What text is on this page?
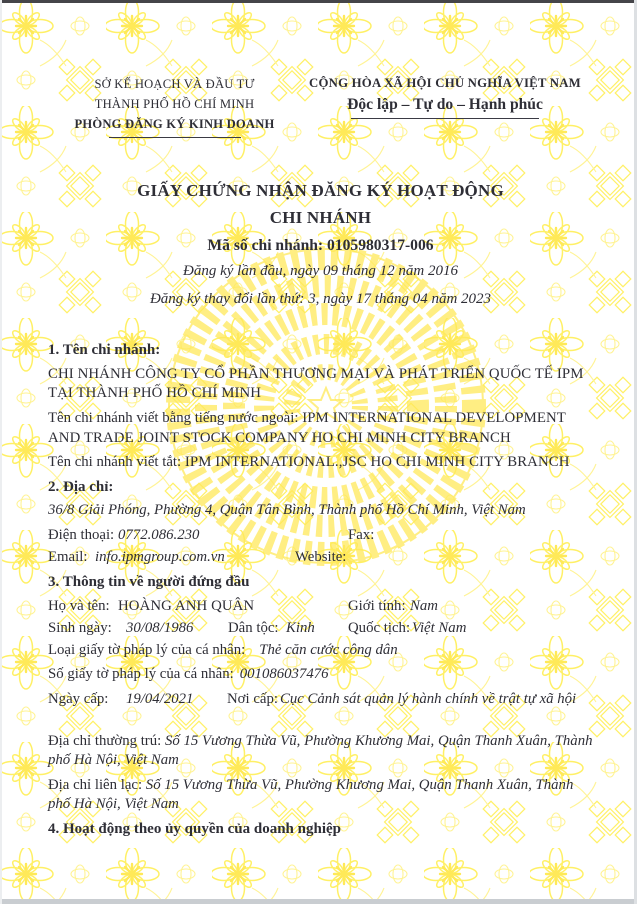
SỞ KẾ HOẠCH VÀ ĐẦU TƯ
THÀNH PHỐ HỒ CHÍ MINH
PHÒNG ĐĂNG KÝ KINH DOANH
CỘNG HÒA XÃ HỘI CHỦ NGHĨA VIỆT NAM
Độc lập – Tự do – Hạnh phúc
GIẤY CHỨNG NHẬN ĐĂNG KÝ HOẠT ĐỘNG
CHI NHÁNH
Mã số chi nhánh: 0105980317-006
Đăng ký lần đầu, ngày 09 tháng 12 năm 2016
Đăng ký thay đổi lần thứ: 3, ngày 17 tháng 04 năm 2023
1. Tên chi nhánh:

CHI NHÁNH CÔNG TY CỔ PHẦN THƯƠNG MẠI VÀ PHÁT TRIỂN QUỐC TẾ IPM TẠI THÀNH PHỐ HỒ CHÍ MINH

Tên chi nhánh viết bằng tiếng nước ngoài: IPM INTERNATIONAL DEVELOPMENT AND TRADE JOINT STOCK COMPANY HO CHI MINH CITY BRANCH

Tên chi nhánh viết tắt: IPM INTERNATIONAL.,JSC HO CHI MINH CITY BRANCH

2. Địa chỉ:

36/8 Giải Phóng, Phường 4, Quận Tân Bình, Thành phố Hồ Chí Minh, Việt Nam

Điện thoại: 0772.086.230	Fax:
Email: info.ipmgroup.com.vn	Website:
3. Thông tin về người đứng đầu
Họ và tên: HOÀNG ANH QUÂN	Giới tính: Nam
Sinh ngày: 30/08/1986 Dân tộc: Kinh Quốc tịch: Việt Nam

Loại giấy tờ pháp lý của cá nhân: Thẻ căn cước công dân

Số giấy tờ pháp lý của cá nhân: 001086037476

Ngày cấp: 19/04/2021 Nơi cấp: Cục Cảnh sát quản lý hành chính về trật tự xã hội

Địa chỉ thường trú: Số 15 Vương Thừa Vũ, Phường Khương Mai, Quận Thanh Xuân, Thành phố Hà Nội, Việt Nam

Địa chỉ liên lạc: Số 15 Vương Thừa Vũ, Phường Khương Mai, Quận Thanh Xuân, Thành phố Hà Nội, Việt Nam

4. Hoạt động theo ủy quyền của doanh nghiệp
